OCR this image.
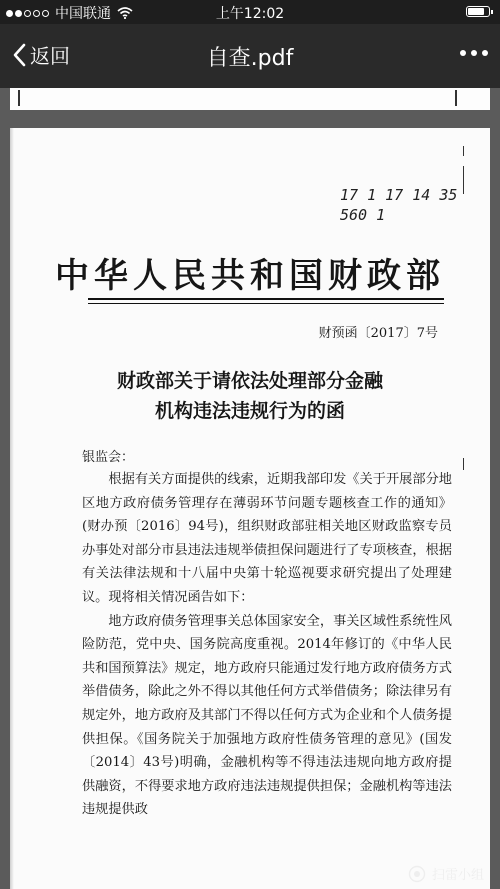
中国联通	上午12:02
返回	自查.pdf
17 1 17 14 35
560 1
中华人民共和国财政部
财预函〔2017〕7号
财政部关于请依法处理部分金融
机构违法违规行为的函
银监会：

根据有关方面提供的线索，近期我部印发《关于开展部分地区地方政府债务管理存在薄弱环节问题专题核查工作的通知》(财办预〔2016〕94号)，组织财政部驻相关地区财政监察专员办事处对部分市县违法违规举债担保问题进行了专项核查，根据有关法律法规和十八届中央第十轮巡视要求研究提出了处理建议。现将相关情况函告如下：

地方政府债务管理事关总体国家安全，事关区域性系统性风险防范，党中央、国务院高度重视。2014年修订的《中华人民共和国预算法》规定，地方政府只能通过发行地方政府债务方式举借债务，除此之外不得以其他任何方式举借债务；除法律另有规定外，地方政府及其部门不得以任何方式为企业和个人债务提供担保。《国务院关于加强地方政府性债务管理的意见》(国发〔2014〕43号)明确，金融机构等不得违法违规向地方政府提供融资，不得要求地方政府违法违规提供担保；金融机构等违法违规提供政

扫雷小组
